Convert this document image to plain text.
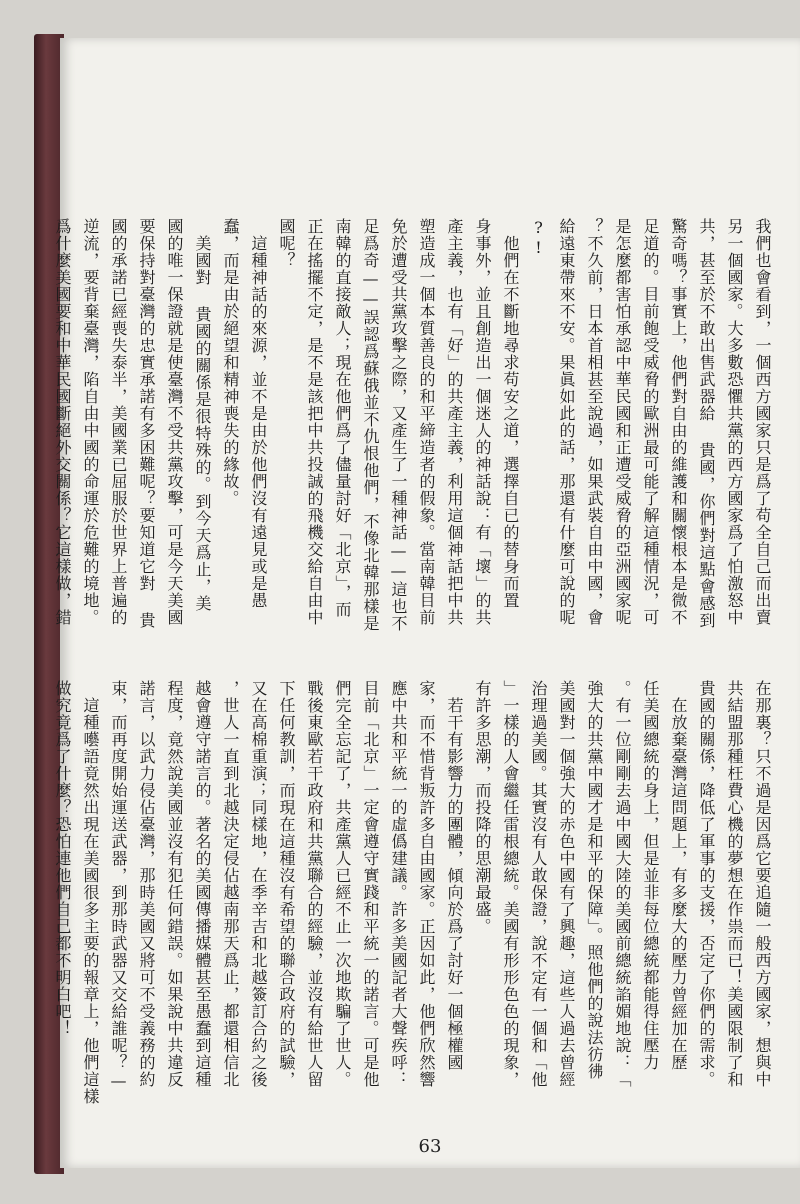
我們也會看到，一個西方國家只是爲了苟全自己而出賣

另一個國家。大多數恐懼共黨的西方國家爲了怕激怒中

共，甚至於不敢出售武器給 貴國，你們對這點會感到

驚奇嗎？事實上，他們對自由的維護和關懷根本是微不

足道的。目前飽受威脅的歐洲最可能了解這種情況，可

是怎麼都害怕承認中華民國和正遭受威脅的亞洲國家呢

？不久前，日本首相甚至說過，如果武裝自由中國，會

給遠東帶來不安。果眞如此的話，那還有什麼可說的呢

?!

　他們在不斷地尋求苟安之道，選擇自已的替身而置

身事外，並且創造出一個迷人的神話說：有「壞」的共

產主義，也有「好」的共產主義，利用這個神話把中共

塑造成一個本質善良的和平締造者的假象。當南韓目前

免於遭受共黨攻擊之際，又產生了一種神話——這也不

足爲奇——誤認爲蘇俄並不仇恨他們，不像北韓那樣是

南韓的直接敵人；現在他們爲了儘量討好「北京」，而

正在搖擺不定，是不是該把中共投誠的飛機交給自由中

國呢？

　這種神話的來源，並不是由於他們沒有遠見或是愚

蠢，而是由於絕望和精神喪失的緣故。

　美國對 貴國的關係是很特殊的。到今天爲止，美

國的唯一保證就是使臺灣不受共黨攻擊，可是今天美國

要保持對臺灣的忠實承諾有多困難呢？要知道它對 貴

國的承諾已經喪失泰半，美國業已屈服於世界上普遍的

逆流，要背棄臺灣，陷自由中國的命運於危難的境地。

爲什麼美國要和中華民國斷絕外交關係？它這樣做，錯

在那裏？只不過是因爲它要追隨一般西方國家，想與中

共結盟那種枉費心機的夢想在作祟而已！美國限制了和

貴國的關係，降低了軍事的支援，否定了你們的需求。

　在放棄臺灣這問題上，有多麼大的壓力曾經加在歷

任美國總統的身上，但是並非每位總統都能得住壓力

。有一位剛剛去過中國大陸的美國前總統諂媚地說：「

強大的共黨中國才是和平的保障」。照他們的說法彷彿

美國對一個強大的赤色中國有了興趣，這些人過去曾經

治理過美國。其實沒有人敢保證，說不定有一個和「他

」一樣的人會繼任雷根總統。美國有形形色色的現象，

有許多思潮，而投降的思潮最盛。

　若干有影響力的團體，傾向於爲了討好一個極權國

家，而不惜背叛許多自由國家。正因如此，他們欣然響

應中共和平統一的虛僞建議。許多美國記者大聲疾呼：

目前「北京」一定會遵守實踐和平統一的諾言。可是他

們完全忘記了，共產黨人已經不止一次地欺騙了世人。

戰後東歐若干政府和共黨聯合的經驗，並沒有給世人留

下任何教訓，而現在這種沒有希望的聯合政府的試驗，

又在高棉重演；同樣地，在季辛吉和北越簽訂合約之後

，世人一直到北越決定侵佔越南那天爲止，都還相信北

越會遵守諾言的。著名的美國傳播媒體甚至愚蠢到這種

程度，竟然說美國並沒有犯任何錯誤。如果說中共違反

諾言，以武力侵佔臺灣，那時美國又將可不受義務的約

束，而再度開始運送武器，到那時武器又交給誰呢？—

　這種囈語竟然出現在美國很多主要的報章上，他們這樣

做究竟爲了什麼？恐怕連他們自己都不明白吧！

63
